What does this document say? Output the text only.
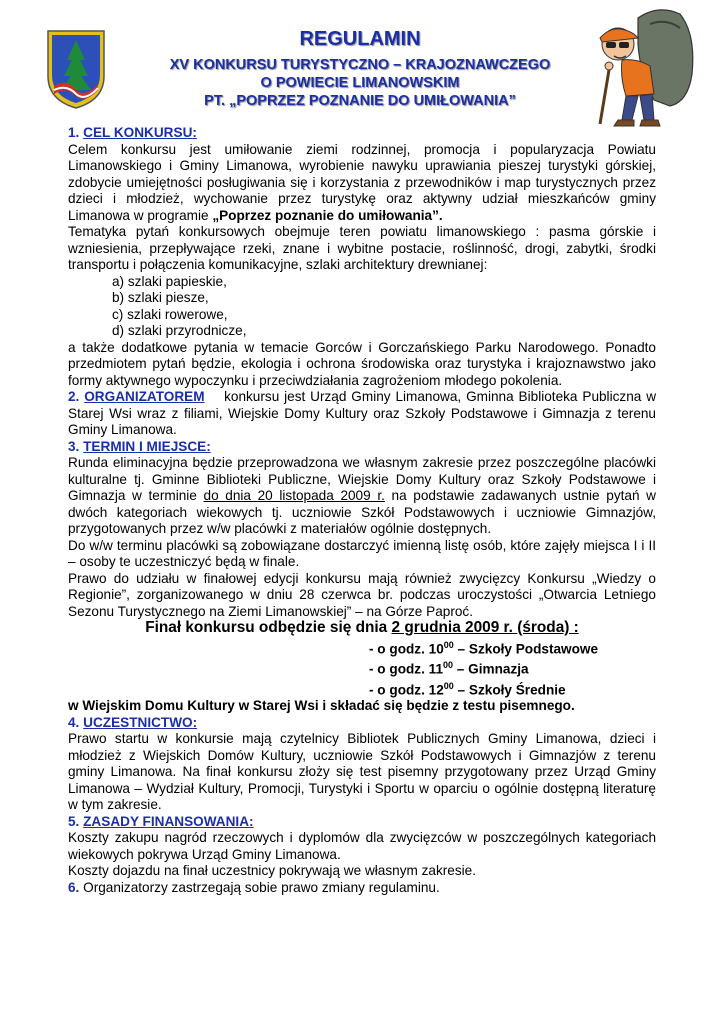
REGULAMIN
XV KONKURSU TURYSTYCZNO – KRAJOZNAWCZEGO
O POWIECIE LIMANOWSKIM
PT. „POPRZEZ POZNANIE DO UMIŁOWANIA”

1. CEL KONKURSU:

Celem konkursu jest umiłowanie ziemi rodzinnej, promocja i popularyzacja Powiatu Limanowskiego i Gminy Limanowa, wyrobienie nawyku uprawiania pieszej turystyki górskiej, zdobycie umiejętności posługiwania się i korzystania z przewodników i map turystycznych przez dzieci i młodzież, wychowanie przez turystykę oraz aktywny udział mieszkańców gminy Limanowa w programie „Poprzez poznanie do umiłowania”.

Tematyka pytań konkursowych obejmuje teren powiatu limanowskiego : pasma górskie i wzniesienia, przepływające rzeki, znane i wybitne postacie, roślinność, drogi, zabytki, środki transportu i połączenia komunikacyjne, szlaki architektury drewnianej:

a) szlaki papieskie,

b) szlaki piesze,

c) szlaki rowerowe,

d) szlaki przyrodnicze,

a także dodatkowe pytania w temacie Gorców i Gorczańskiego Parku Narodowego. Ponadto przedmiotem pytań będzie, ekologia i ochrona środowiska oraz turystyka i krajoznawstwo jako formy aktywnego wypoczynku i przeciwdziałania zagrożeniom młodego pokolenia.

2. ORGANIZATOREM konkursu jest Urząd Gminy Limanowa, Gminna Biblioteka Publiczna w Starej Wsi wraz z filiami, Wiejskie Domy Kultury oraz Szkoły Podstawowe i Gimnazja z terenu Gminy Limanowa.

3. TERMIN I MIEJSCE:

Runda eliminacyjna będzie przeprowadzona we własnym zakresie przez poszczególne placówki kulturalne tj. Gminne Biblioteki Publiczne, Wiejskie Domy Kultury oraz Szkoły Podstawowe i Gimnazja w terminie do dnia 20 listopada 2009 r. na podstawie zadawanych ustnie pytań w dwóch kategoriach wiekowych tj. uczniowie Szkół Podstawowych i uczniowie Gimnazjów, przygotowanych przez w/w placówki z materiałów ogólnie dostępnych.

Do w/w terminu placówki są zobowiązane dostarczyć imienną listę osób, które zajęły miejsca I i II – osoby te uczestniczyć będą w finale.

Prawo do udziału w finałowej edycji konkursu mają również zwycięzcy Konkursu „Wiedzy o Regionie”, zorganizowanego w dniu 28 czerwca br. podczas uroczystości „Otwarcia Letniego Sezonu Turystycznego na Ziemi Limanowskiej” – na Górze Paproć.

Finał konkursu odbędzie się dnia 2 grudnia 2009 r. (środa) :

- o godz. $10^{00}$ – Szkoły Podstawowe

- o godz. $11^{00}$ – Gimnazja

- o godz. $12^{00}$ – Szkoły Średnie

w Wiejskim Domu Kultury w Starej Wsi i składać się będzie z testu pisemnego.

4. UCZESTNICTWO:

Prawo startu w konkursie mają czytelnicy Bibliotek Publicznych Gminy Limanowa, dzieci i młodzież z Wiejskich Domów Kultury, uczniowie Szkół Podstawowych i Gimnazjów z terenu gminy Limanowa. Na finał konkursu złoży się test pisemny przygotowany przez Urząd Gminy Limanowa – Wydział Kultury, Promocji, Turystyki i Sportu w oparciu o ogólnie dostępną literaturę w tym zakresie.

5. ZASADY FINANSOWANIA:

Koszty zakupu nagród rzeczowych i dyplomów dla zwycięzców w poszczególnych kategoriach wiekowych pokrywa Urząd Gminy Limanowa.

Koszty dojazdu na finał uczestnicy pokrywają we własnym zakresie.

6. Organizatorzy zastrzegają sobie prawo zmiany regulaminu.
